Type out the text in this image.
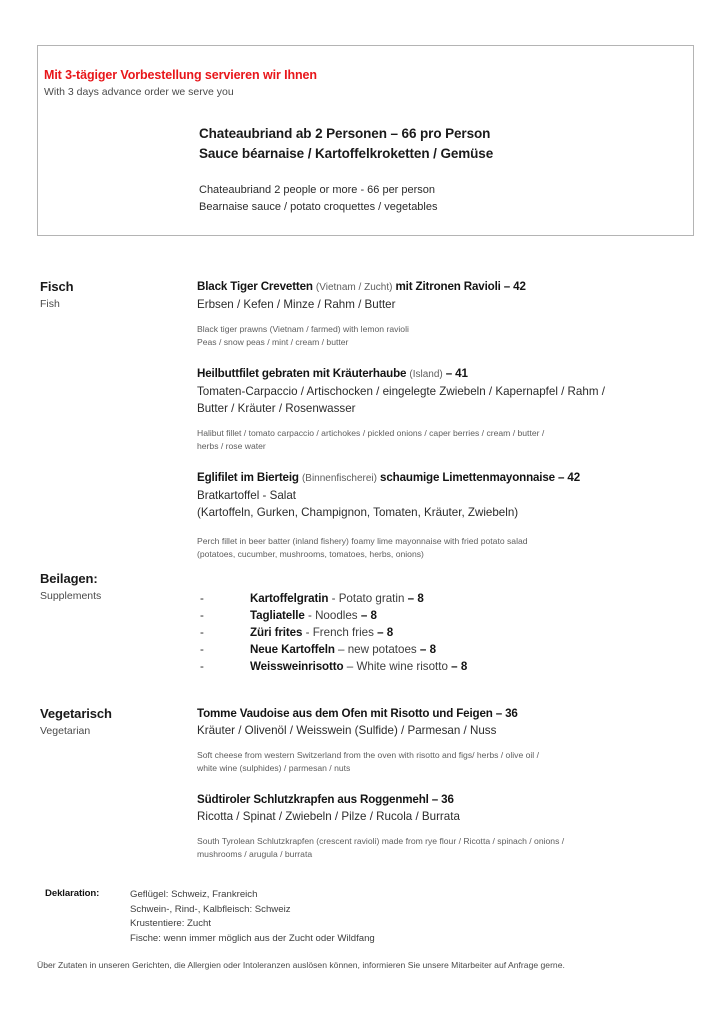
Mit 3-tägiger Vorbestellung servieren wir Ihnen
With 3 days advance order we serve you
Chateaubriand ab 2 Personen – 66 pro Person
Sauce béarnaise / Kartoffelkroketten / Gemüse
Chateaubriand 2 people or more - 66 per person
Bearnaise sauce / potato croquettes / vegetables
Fisch
Fish
Black Tiger Crevetten (Vietnam / Zucht) mit Zitronen Ravioli – 42
Erbsen / Kefen / Minze / Rahm / Butter
Black tiger prawns (Vietnam / farmed) with lemon ravioli
Peas / snow peas / mint / cream / butter
Heilbuttfilet gebraten mit Kräuterhaube (Island) – 41
Tomaten-Carpaccio / Artischocken / eingelegte Zwiebeln / Kapernapfel / Rahm /
Butter / Kräuter / Rosenwasser
Halibut fillet / tomato carpaccio / artichokes / pickled onions / caper berries / cream / butter /
herbs / rose water
Eglifilet im Bierteig (Binnenfischerei) schaumige Limettenmayonnaise – 42
Bratkartoffel - Salat
(Kartoffeln, Gurken, Champignon, Tomaten, Kräuter, Zwiebeln)
Perch fillet in beer batter (inland fishery) foamy lime mayonnaise with fried potato salad
(potatoes, cucumber, mushrooms, tomatoes, herbs, onions)
Beilagen:
Supplements	-	Kartoffelgratin - Potato gratin – 8
-	Tagliatelle - Noodles – 8
-	Züri frites - French fries – 8
-	Neue Kartoffeln – new potatoes – 8
-	Weissweinrisotto – White wine risotto – 8
Vegetarisch
Vegetarian
Tomme Vaudoise aus dem Ofen mit Risotto und Feigen – 36
Kräuter / Olivenöl / Weisswein (Sulfide) / Parmesan / Nuss
Soft cheese from western Switzerland from the oven with risotto and figs/ herbs / olive oil /
white wine (sulphides) / parmesan / nuts
Südtiroler Schlutzkrapfen aus Roggenmehl – 36
Ricotta / Spinat / Zwiebeln / Pilze / Rucola / Burrata
South Tyrolean Schlutzkrapfen (crescent ravioli) made from rye flour / Ricotta / spinach / onions /
mushrooms / arugula / burrata
Deklaration:	Geflügel: Schweiz, Frankreich
Schwein-, Rind-, Kalbfleisch: Schweiz
Krustentiere: Zucht
Fische: wenn immer möglich aus der Zucht oder Wildfang
Über Zutaten in unseren Gerichten, die Allergien oder Intoleranzen auslösen können, informieren Sie unsere Mitarbeiter auf Anfrage gerne.
